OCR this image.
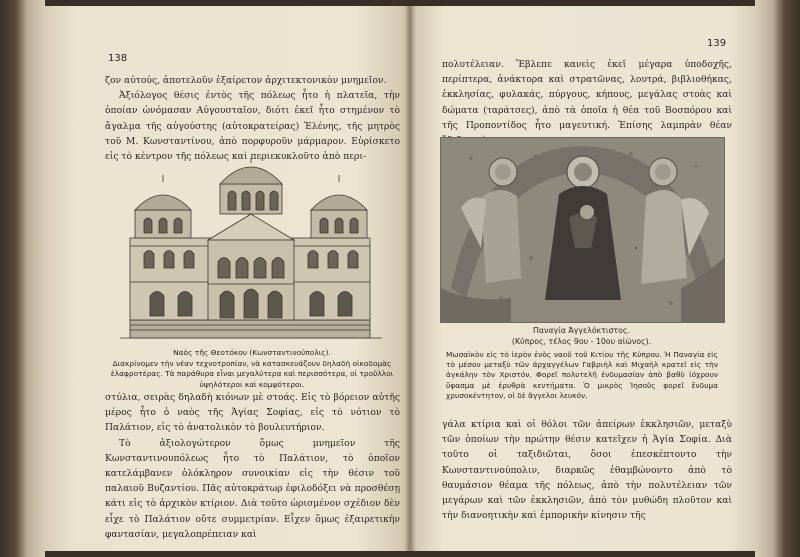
138

ζον αὐτούς, ἀποτελοῦν ἐξαίρετον ἀρχιτεκτονικὸν μνημεῖον.

Ἀξιόλογος θέσις ἐντὸς τῆς πόλεως ἦτο ἡ πλατεῖα, τὴν ὁποίαν ὠνόμασαν Αὐγουσταῖον, διότι ἐκεῖ ἦτο στημένον τὸ ἄγαλμα τῆς αὐγούστης (αὐτοκρατείρας) Ἑλένης, τῆς μητρὸς τοῦ Μ. Κωνσταντίνου, ἀπὸ πορφυροῦν μάρμαρον. Εὑρίσκετο εἰς τὸ κέντρον τῆς πόλεως καὶ περιεκυκλοῦτο ἀπὸ περι-

Ναὸς τῆς Θεοτόκου (Κωνσταντινούπολις).
Διακρίνομεν τὴν νέαν τεχνοτροπίαν, νὰ κατασκευάζουν δηλαδὴ οἰκοδομὰς ἐλαφροτέρας. Τὰ παράθυρα εἶναι μεγαλύτερα καὶ περισσότερα, οἱ τροῦλλοι ὑψηλότεροι καὶ κομψότεροι.

στύλια, σειρὰς δηλαδὴ κιόνων μὲ στοάς. Εἰς τὸ βόρειον αὐτῆς μέρος ἦτο ὁ ναὸς τῆς Ἁγίας Σοφίας, εἰς τὸ νότιον τὸ Παλάτιον, εἰς τὸ ἀνατολικὸν τὸ βουλευτήριον.

Τὸ ἀξιολογώτερον ὅμως μνημεῖον τῆς Κωνσταντινουπόλεως ἦτο τὸ Παλάτιον, τὸ ὁποῖον κατελάμβανεν ὁλόκληρον συνοικίαν εἰς τὴν θέσιν τοῦ παλαιοῦ Βυζαντίου. Πᾶς αὐτοκράτωρ ἐφιλοδόξει νὰ προσθέσῃ κάτι εἰς τὸ ἀρχικὸν κτίριον. Διὰ τοῦτο ὡρισμένον σχέδιον δὲν εἶχε τὸ Παλάτιον οὔτε συμμετρίαν. Εἶχεν ὅμως ἐξαιρετικὴν φαντασίαν, μεγαλοπρέπειαν καὶ

139

πολυτέλειαν. Ἔβλεπε κανεὶς ἐκεῖ μέγαρα ὑποδοχῆς, περίπτερα, ἀνάκτορα καὶ στρατῶνας, λουτρά, βιβλιοθήκας, ἐκκλησίας, φυλακάς, πύργους, κήπους, μεγάλας στοὰς καὶ δώματα (ταράτσες), ἀπὸ τὰ ὁποῖα ἡ θέα τοῦ Βοσπόρου καὶ τῆς Προποντίδος ἦτο μαγευτική. Ἐπίσης λαμπρὰν θέαν

Παναγία Ἀγγελόκτιστος.
(Κύπρος, τέλος 9ου - 10ου αἰῶνος).
Μωσαϊκὸν εἰς τὸ ἱερὸν ἑνὸς ναοῦ τοῦ Κιτίου τῆς Κύπρου. Ἡ Παναγία εἰς τὸ μέσον μεταξὺ τῶν ἀρχαγγέλων Γαβριὴλ καὶ Μιχαὴλ κρατεῖ εἰς τὴν ἀγκάλην τὸν Χριστόν. Φορεῖ πολυτελῆ ἐνδυμασίαν ἀπὸ βαθὺ ἰόχρουν ὕφασμα μὲ ἐρυθρὰ κεντήματα. Ὁ μικρὸς Ἰησοῦς φορεῖ ἔνδυμα χρυσοκέντητον, οἱ δὲ ἄγγελοι λευκόν.

γάλα κτίρια καὶ οἱ θόλοι τῶν ἀπείρων ἐκκλησιῶν, μεταξὺ τῶν ὁποίων τὴν πρώτην θέσιν κατεῖχεν ἡ Ἁγία Σοφία. Διὰ τοῦτο οἱ ταξιδιῶται, ὅσοι ἐπεσκέπτοντο τὴν Κωνσταντινούπολιν, διαρκῶς ἐθαμβώνοντο ἀπὸ τὸ θαυμάσιον θέαμα τῆς πόλεως, ἀπὸ τὴν πολυτέλειαν τῶν μεγάρων καὶ τῶν ἐκκλησιῶν, ἀπὸ τὸν μυθώδη πλοῦτον καὶ τὴν διανοητικὴν καὶ ἐμπορικὴν κίνησιν τῆς
